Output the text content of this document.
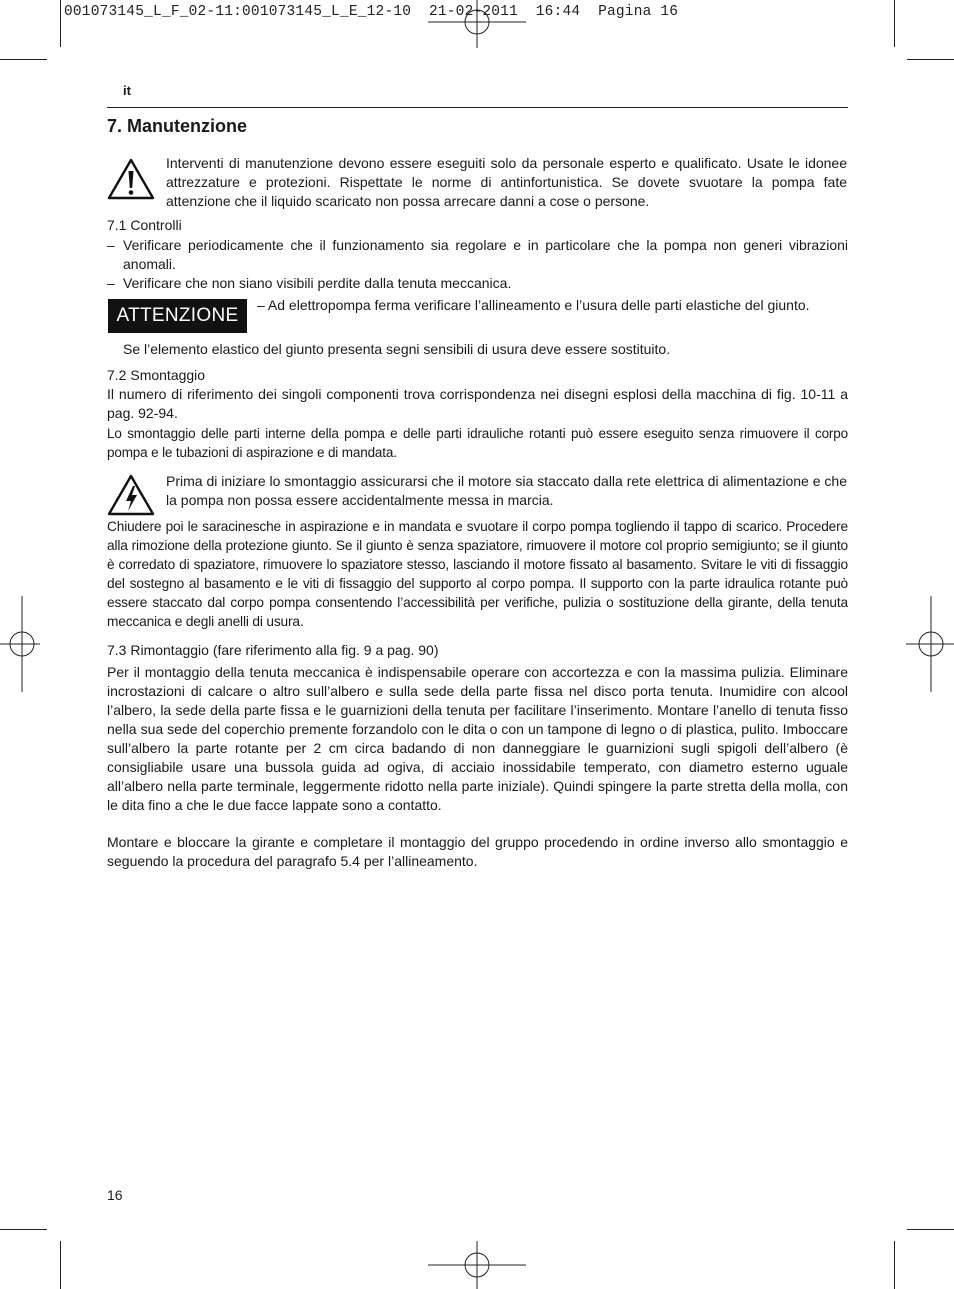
001073145_L_F_02-11:001073145_L_E_12-10  21-02-2011  16:44  Pagina 16
it
7. Manutenzione
Interventi di manutenzione devono essere eseguiti solo da personale esperto e qualificato. Usate le idonee attrezzature e protezioni. Rispettate le norme di antinfortunistica. Se dovete svuotare la pompa fate attenzione che il liquido scaricato non possa arrecare danni a cose o persone.
7.1 Controlli
– Verificare periodicamente che il funzionamento sia regolare e in particolare che la pompa non generi vibrazioni anomali.
– Verificare che non siano visibili perdite dalla tenuta meccanica.
ATTENZIONE	– Ad elettropompa ferma verificare l’allineamento e l’usura delle parti elastiche del giunto.
Se l’elemento elastico del giunto presenta segni sensibili di usura deve essere sostituito.
7.2 Smontaggio
Il numero di riferimento dei singoli componenti trova corrispondenza nei disegni esplosi della macchina di fig. 10-11 a pag. 92-94.
Lo smontaggio delle parti interne della pompa e delle parti idrauliche rotanti può essere eseguito senza rimuovere il corpo pompa e le tubazioni di aspirazione e di mandata.
Prima di iniziare lo smontaggio assicurarsi che il motore sia staccato dalla rete elettrica di alimentazione e che la pompa non possa essere accidentalmente messa in marcia.
Chiudere poi le saracinesche in aspirazione e in mandata e svuotare il corpo pompa togliendo il tappo di scarico. Procedere alla rimozione della protezione giunto. Se il giunto è senza spaziatore, rimuovere il motore col proprio semigiunto; se il giunto è corredato di spaziatore, rimuovere lo spaziatore stesso, lasciando il motore fissato al basamento. Svitare le viti di fissaggio del sostegno al basamento e le viti di fissaggio del supporto al corpo pompa. Il supporto con la parte idraulica rotante può essere staccato dal corpo pompa consentendo l’accessibilità per verifiche, pulizia o sostituzione della girante, della tenuta meccanica e degli anelli di usura.
7.3 Rimontaggio (fare riferimento alla fig. 9 a pag. 90)
Per il montaggio della tenuta meccanica è indispensabile operare con accortezza e con la massima pulizia. Eliminare incrostazioni di calcare o altro sull’albero e sulla sede della parte fissa nel disco porta tenuta. Inumidire con alcool l’albero, la sede della parte fissa e le guarnizioni della tenuta per facilitare l’inserimento. Montare l’anello di tenuta fisso nella sua sede del coperchio premente forzandolo con le dita o con un tampone di legno o di plastica, pulito. Imboccare sull’albero la parte rotante per 2 cm circa badando di non danneggiare le guarnizioni sugli spigoli dell’albero (è consigliabile usare una bussola guida ad ogiva, di acciaio inossidabile temperato, con diametro esterno uguale all’albero nella parte terminale, leggermente ridotto nella parte iniziale). Quindi spingere la parte stretta della molla, con le dita fino a che le due facce lappate sono a contatto.
Montare e bloccare la girante e completare il montaggio del gruppo procedendo in ordine inverso allo smontaggio e seguendo la procedura del paragrafo 5.4 per l’allineamento.
16
